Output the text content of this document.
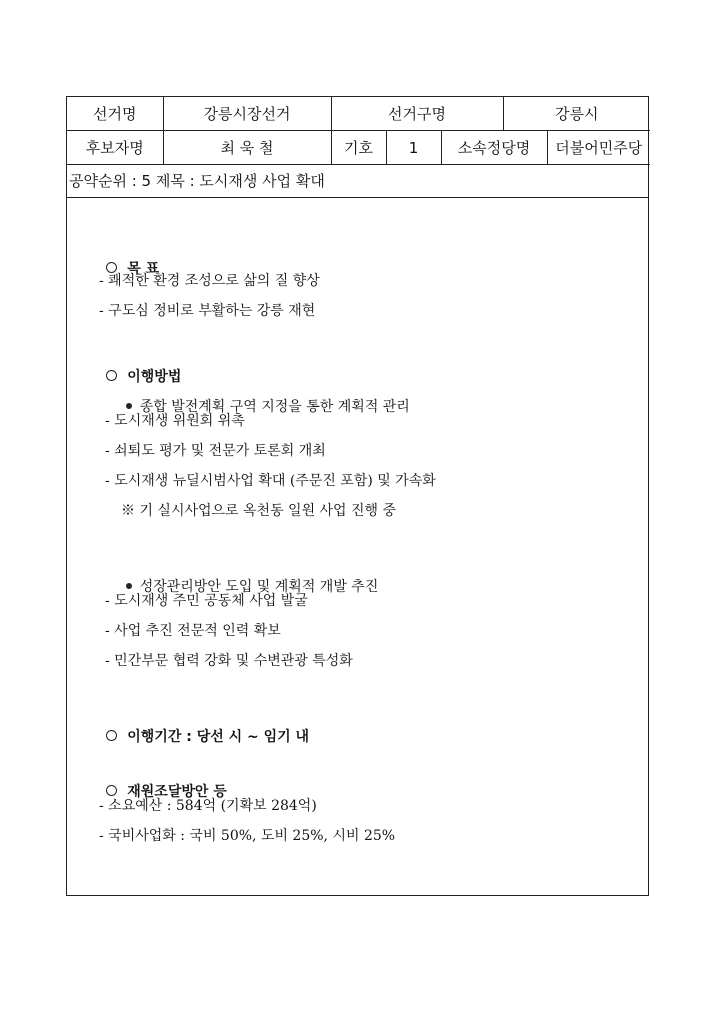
선거명	강릉시장선거	선거구명			강릉시	
후보자명	최 욱 철	기호	1	소속정당명		더불어민주당
공약순위 : 5 제목 : 도시재생 사업 확대

목 표

- 쾌적한 환경 조성으로 삶의 질 향상
- 구도심 정비로 부활하는 강릉 재현

이행방법

종합 발전계획 구역 지정을 통한 계획적 관리

- 도시재생 위원회 위촉
- 쇠퇴도 평가 및 전문가 토론회 개최
- 도시재생 뉴딜시범사업 확대 (주문진 포함) 및 가속화
※ 기 실시사업으로 옥천동 일원 사업 진행 중

성장관리방안 도입 및 계획적 개발 추진

- 도시재생 주민 공동체 사업 발굴
- 사업 추진 전문적 인력 확보
- 민간부문 협력 강화 및 수변관광 특성화

이행기간 : 당선 시 ~ 임기 내

재원조달방안 등

- 소요예산 : 584억 (기확보 284억)
- 국비사업화 : 국비 50%, 도비 25%, 시비 25%
